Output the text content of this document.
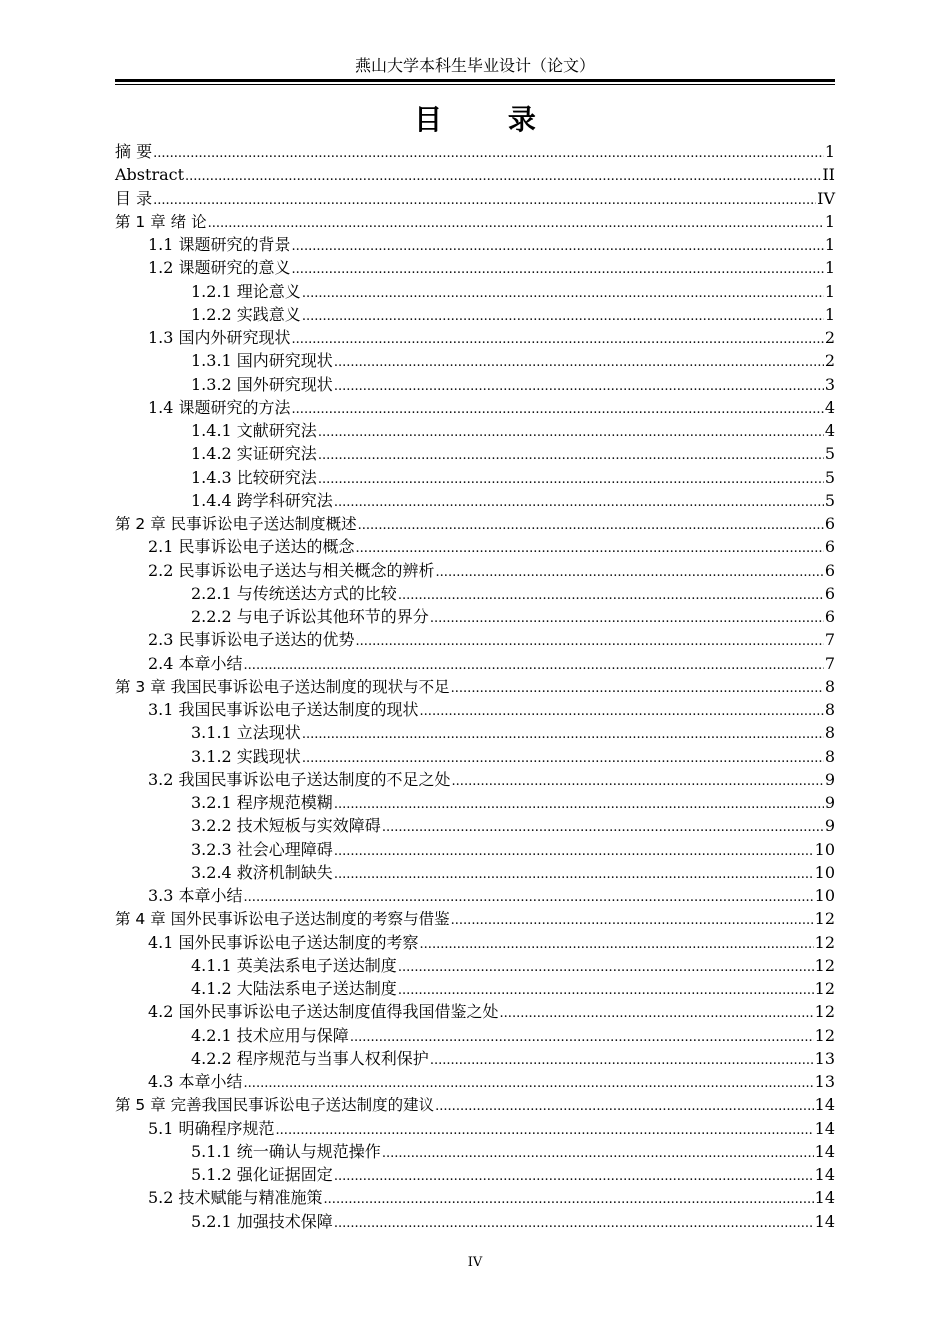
燕山大学本科生毕业设计（论文）
目 录
摘 要 .....	1
Abstract .....	II
目 录 .....	IV
第 1 章 绪 论 .....	1
1.1 课题研究的背景 .....	1
1.2 课题研究的意义 .....	1
1.2.1 理论意义 .....	1
1.2.2 实践意义 .....	1
1.3 国内外研究现状 .....	2
1.3.1 国内研究现状 .....	2
1.3.2 国外研究现状 .....	3
1.4 课题研究的方法 .....	4
1.4.1 文献研究法 .....	4
1.4.2 实证研究法 .....	5
1.4.3 比较研究法 .....	5
1.4.4 跨学科研究法 .....	5
第 2 章 民事诉讼电子送达制度概述 .....	6
2.1 民事诉讼电子送达的概念 .....	6
2.2 民事诉讼电子送达与相关概念的辨析 .....	6
2.2.1 与传统送达方式的比较 .....	6
2.2.2 与电子诉讼其他环节的界分 .....	6
2.3 民事诉讼电子送达的优势 .....	7
2.4 本章小结 .....	7
第 3 章 我国民事诉讼电子送达制度的现状与不足 .....	8
3.1 我国民事诉讼电子送达制度的现状 .....	8
3.1.1 立法现状 .....	8
3.1.2 实践现状 .....	8
3.2 我国民事诉讼电子送达制度的不足之处 .....	9
3.2.1 程序规范模糊 .....	9
3.2.2 技术短板与实效障碍 .....	9
3.2.3 社会心理障碍 .....	10
3.2.4 救济机制缺失 .....	10
3.3 本章小结 .....	10
第 4 章 国外民事诉讼电子送达制度的考察与借鉴 .....	12
4.1 国外民事诉讼电子送达制度的考察 .....	12
4.1.1 英美法系电子送达制度 .....	12
4.1.2 大陆法系电子送达制度 .....	12
4.2 国外民事诉讼电子送达制度值得我国借鉴之处 .....	12
4.2.1 技术应用与保障 .....	12
4.2.2 程序规范与当事人权利保护 .....	13
4.3 本章小结 .....	13
第 5 章 完善我国民事诉讼电子送达制度的建议 .....	14
5.1 明确程序规范 .....	14
5.1.1 统一确认与规范操作 .....	14
5.1.2 强化证据固定 .....	14
5.2 技术赋能与精准施策 .....	14
5.2.1 加强技术保障 .....	14
IV
